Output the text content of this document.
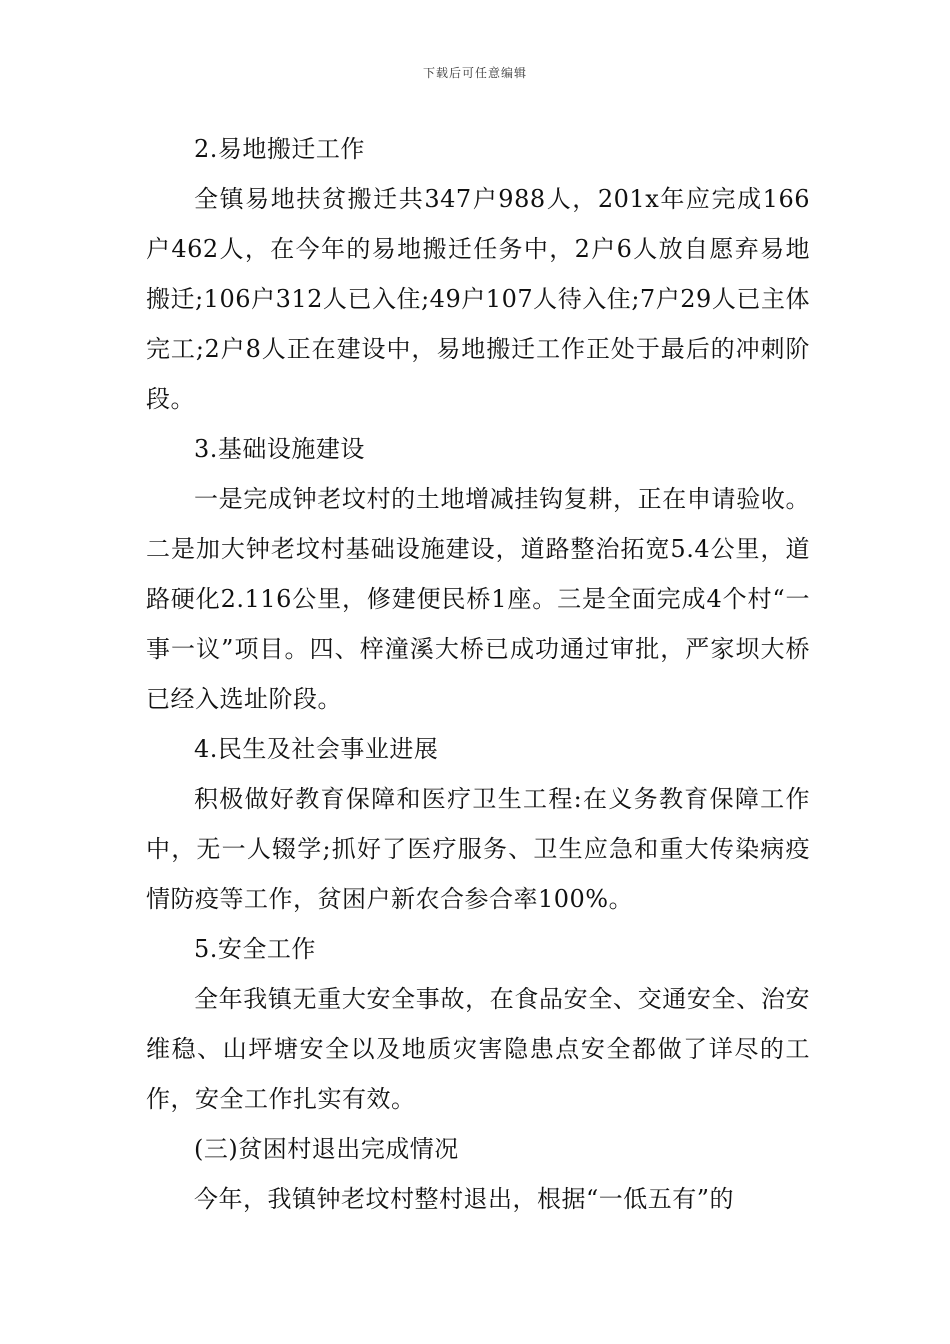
下载后可任意编辑

2.易地搬迁工作

全镇易地扶贫搬迁共347户988人，201x年应完成166户462人，在今年的易地搬迁任务中，2户6人放自愿弃易地搬迁;106户312人已入住;49户107人待入住;7户29人已主体完工;2户8人正在建设中，易地搬迁工作正处于最后的冲刺阶段。

3.基础设施建设

一是完成钟老坟村的土地增减挂钩复耕，正在申请验收。二是加大钟老坟村基础设施建设，道路整治拓宽5.4公里，道路硬化2.116公里，修建便民桥1座。三是全面完成4个村“一事一议”项目。四、梓潼溪大桥已成功通过审批，严家坝大桥已经入选址阶段。

4.民生及社会事业进展

积极做好教育保障和医疗卫生工程:在义务教育保障工作中，无一人辍学;抓好了医疗服务、卫生应急和重大传染病疫情防疫等工作，贫困户新农合参合率100%。

5.安全工作

全年我镇无重大安全事故，在食品安全、交通安全、治安维稳、山坪塘安全以及地质灾害隐患点安全都做了详尽的工作，安全工作扎实有效。

(三)贫困村退出完成情况

今年，我镇钟老坟村整村退出，根据“一低五有”的
